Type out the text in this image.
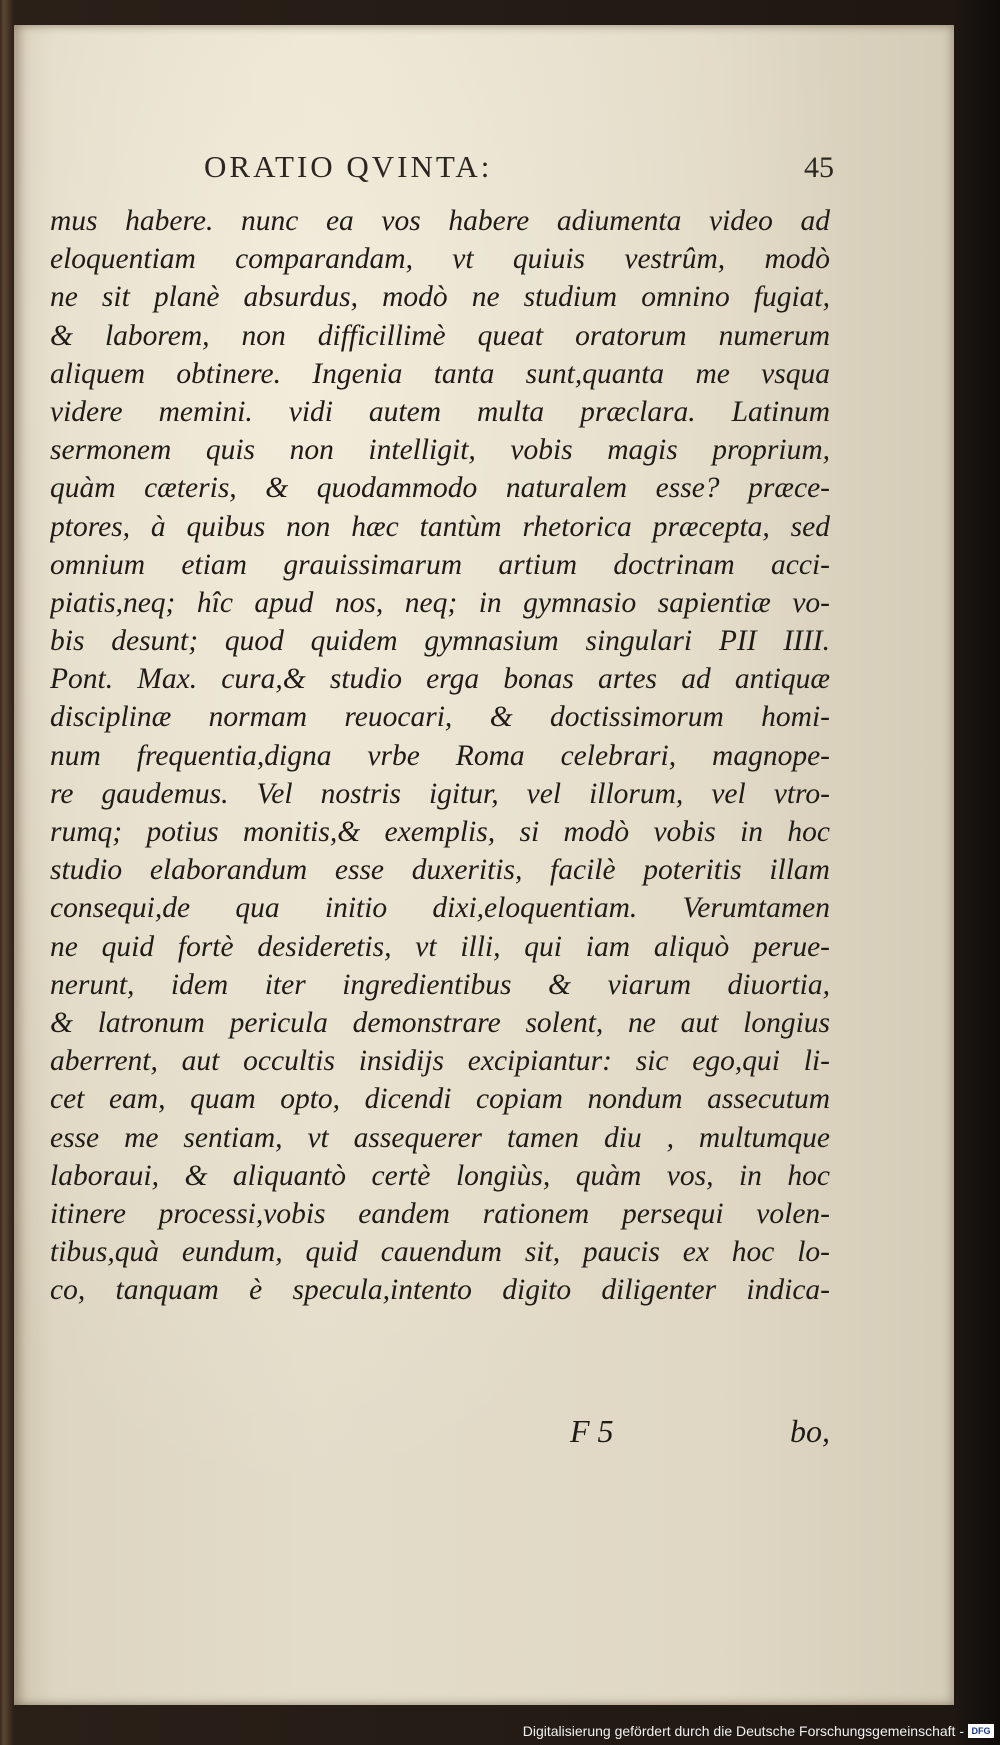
ORATIO QVINTA:	45
mus habere. nunc ea vos habere adiumenta video ad
eloquentiam comparandam, vt quiuis vestrûm, modò
ne sit planè absurdus, modò ne studium omnino fugiat,
& laborem, non difficillimè queat oratorum numerum
aliquem obtinere. Ingenia tanta sunt,quanta me vsqua
videre memini. vidi autem multa præclara. Latinum
sermonem quis non intelligit, vobis magis proprium,
quàm cæteris, & quodammodo naturalem esse? præce-
ptores, à quibus non hæc tantùm rhetorica præcepta, sed
omnium etiam grauissimarum artium doctrinam acci-
piatis,neq; hîc apud nos, neq; in gymnasio sapientiæ vo-
bis desunt; quod quidem gymnasium singulari PII IIII.
Pont. Max. cura,& studio erga bonas artes ad antiquæ
disciplinæ normam reuocari, & doctissimorum homi-
num frequentia,digna vrbe Roma celebrari, magnope-
re gaudemus. Vel nostris igitur, vel illorum, vel vtro-
rumq; potius monitis,& exemplis, si modò vobis in hoc
studio elaborandum esse duxeritis, facilè poteritis illam
consequi,de qua initio dixi,eloquentiam. Verumtamen
ne quid fortè desideretis, vt illi, qui iam aliquò perue-
nerunt, idem iter ingredientibus & viarum diuortia,
& latronum pericula demonstrare solent, ne aut longius
aberrent, aut occultis insidijs excipiantur: sic ego,qui li-
cet eam, quam opto, dicendi copiam nondum assecutum
esse me sentiam, vt assequerer tamen diu , multumque
laboraui, & aliquantò certè longiùs, quàm vos, in hoc
itinere processi,vobis eandem rationem persequi volen-
tibus,quà eundum, quid cauendum sit, paucis ex hoc lo-
co, tanquam è specula,intento digito diligenter indica-
F 5	bo,
Digitalisierung gefördert durch die Deutsche Forschungsgemeinschaft - DFG
